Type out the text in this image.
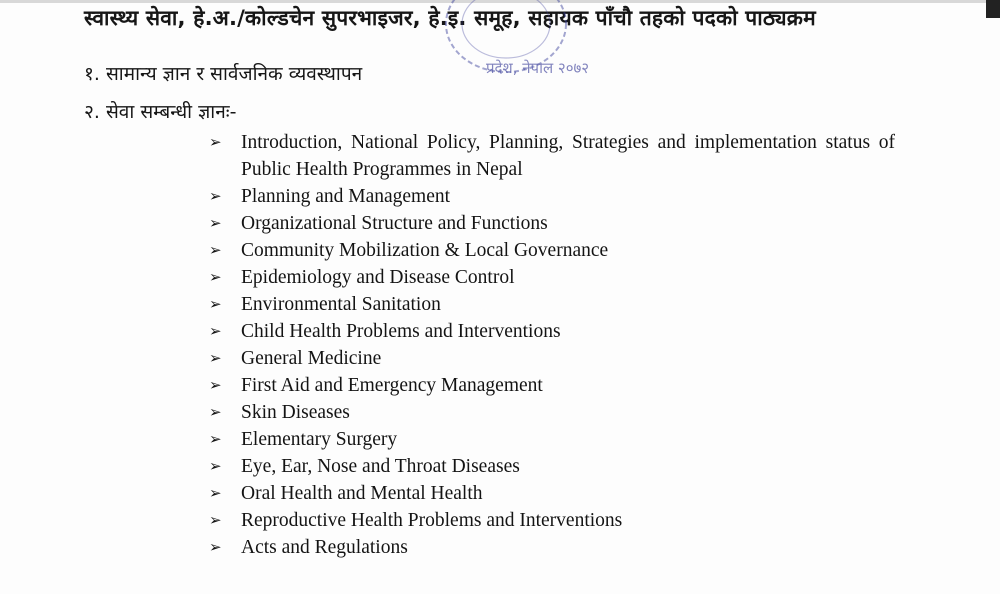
स्वास्थ्य सेवा, हे.अ./कोल्डचेन सुपरभाइजर, हे.इ. समूह, सहायक पाँचौ तहको पदको पाठ्यक्रम
प्रदेश, नेपाल २०७२
१. सामान्य ज्ञान र सार्वजनिक व्यवस्थापन
२. सेवा सम्बन्धी ज्ञानः-
➢ Introduction, National Policy, Planning, Strategies and implementation status of Public Health Programmes in Nepal
➢ Planning and Management
➢ Organizational Structure and Functions
➢ Community Mobilization & Local Governance
➢ Epidemiology and Disease Control
➢ Environmental Sanitation
➢ Child Health Problems and Interventions
➢ General Medicine
➢ First Aid and Emergency Management
➢ Skin Diseases
➢ Elementary Surgery
➢ Eye, Ear, Nose and Throat Diseases
➢ Oral Health and Mental Health
➢ Reproductive Health Problems and Interventions
➢ Acts and Regulations
